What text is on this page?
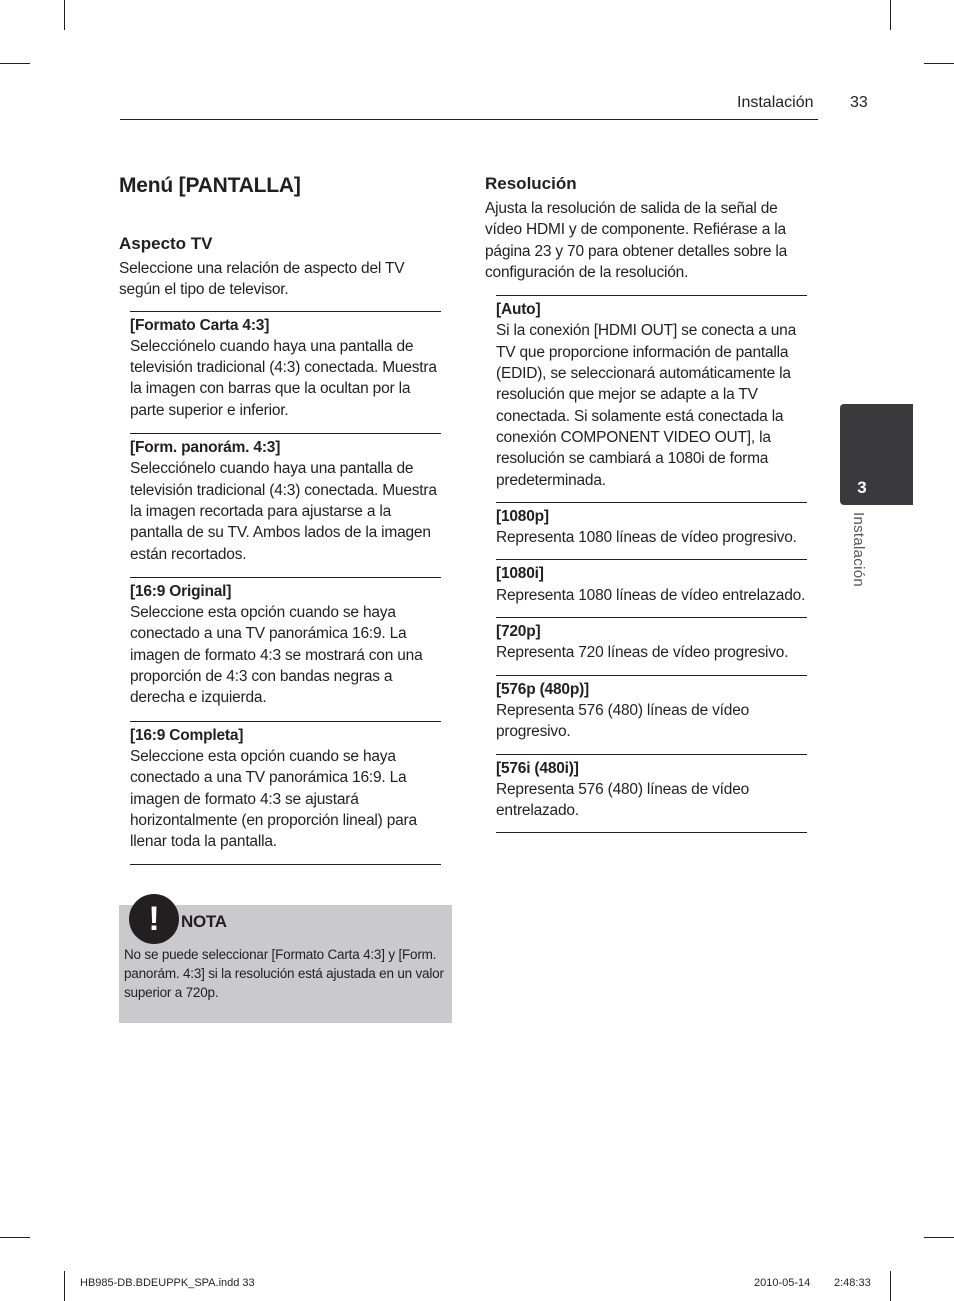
Instalación 33
3
Instalación
Menú [PANTALLA]
Aspecto TV

Seleccione una relación de aspecto del TV según el tipo de televisor.

[Formato Carta 4:3]
Selecciónelo cuando haya una pantalla de televisión tradicional (4:3) conectada. Muestra la imagen con barras que la ocultan por la parte superior e inferior.
[Form. panorám. 4:3]
Selecciónelo cuando haya una pantalla de televisión tradicional (4:3) conectada. Muestra la imagen recortada para ajustarse a la pantalla de su TV. Ambos lados de la imagen están recortados.
[16:9 Original]
Seleccione esta opción cuando se haya conectado a una TV panorámica 16:9. La imagen de formato 4:3 se mostrará con una proporción de 4:3 con bandas negras a derecha e izquierda.
[16:9 Completa]
Seleccione esta opción cuando se haya conectado a una TV panorámica 16:9. La imagen de formato 4:3 se ajustará horizontalmente (en proporción lineal) para llenar toda la pantalla.
!	NOTA
No se puede seleccionar [Formato Carta 4:3] y [Form. panorám. 4:3] si la resolución está ajustada en un valor superior a 720p.
Resolución

Ajusta la resolución de salida de la señal de vídeo HDMI y de componente. Refiérase a la página 23 y 70 para obtener detalles sobre la configuración de la resolución.

[Auto]
Si la conexión [HDMI OUT] se conecta a una TV que proporcione información de pantalla (EDID), se seleccionará automáticamente la resolución que mejor se adapte a la TV conectada. Si solamente está conectada la conexión COMPONENT VIDEO OUT], la resolución se cambiará a 1080i de forma predeterminada.
[1080p]
Representa 1080 líneas de vídeo progresivo.
[1080i]
Representa 1080 líneas de vídeo entrelazado.
[720p]
Representa 720 líneas de vídeo progresivo.
[576p (480p)]
Representa 576 (480) líneas de vídeo progresivo.
[576i (480i)]
Representa 576 (480) líneas de vídeo entrelazado.
HB985-DB.BDEUPPK_SPA.indd 33	2010-05-14 2:48:33
